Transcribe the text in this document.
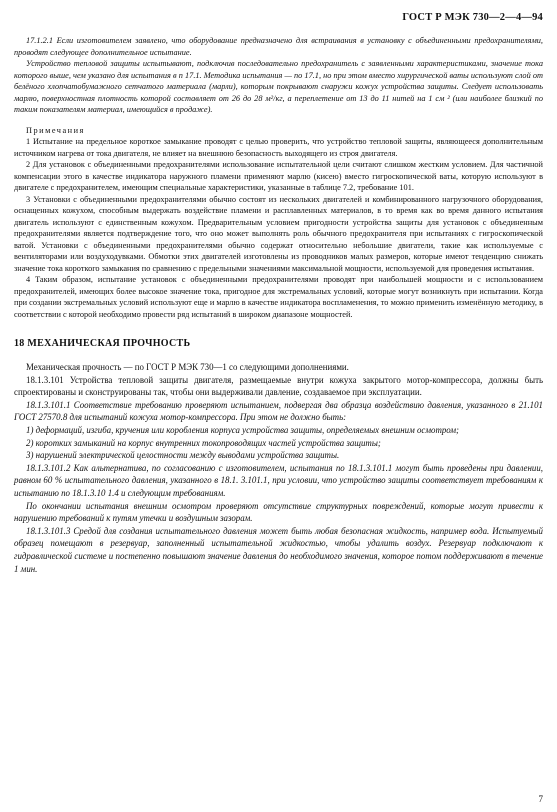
ГОСТ Р МЭК 730—2—4—94

17.1.2.1 Если изготовителем заявлено, что оборудование предназначено для встраивания в установку с объединенными предохранителями, проводят следующее дополнительное испытание.

Устройство тепловой защиты испытывают, подключив последовательно предохранитель с заявленными характеристиками, значение тока которого выше, чем указано для испытания в п 17.1. Методика испытания — по 17.1, но при этом вместо хирургической ваты используют слой от белёного хлопчатобумажного сетчатого материала (марли), которым покрывают снаружи кожух устройства защиты. Следует использовать марлю, поверхностная плотность которой составляет от 26 до 28 м²/кг, а переплетение от 13 до 11 нитей на 1 см ² (или наиболее близкий по таким показателям материал, имеющийся в продаже).

Примечания

1 Испытание на предельное короткое замыкание проводят с целью проверить, что устройство тепловой защиты, являющееся дополнительным источником нагрева от тока двигателя, не влияет на внешнюю безопасность выходящего из строя двигателя.

2 Для установок с объединенными предохранителями использование испытательной цели считают слишком жестким условием. Для частичной компенсации этого в качестве индикатора наружного пламени применяют марлю (кисею) вместо гигроскопической ваты, которую используют в двигателе с предохранителем, имеющим специальные характеристики, указанные в таблице 7.2, требование 101.

3 Установки с объединенными предохранителями обычно состоят из нескольких двигателей и комбинированного нагрузочного оборудования, оснащенных кожухом, способным выдержать воздействие пламени и расплавленных материалов, в то время как во время данного испытания двигатель используют с единственным кожухом. Предварительным условием пригодности устройства защиты для установок с объединенным предохранителями является подтверждение того, что оно может выполнять роль обычного предохранителя при испытаниях с гигроскопической ватой. Установки с объединенными предохранителями обычно содержат относительно небольшие двигатели, такие как используемые с вентиляторами или воздуходувками. Обмотки этих двигателей изготовлены из проводников малых размеров, которые имеют тенденцию снижать значение тока короткого замыкания по сравнению с предельными значениями максимальной мощности, используемой для проведения испытания.

4 Таким образом, испытание установок с объединенными предохранителями проводят при наибольшей мощности и с использованием предохранителей, имеющих более высокое значение тока, пригодное для экстремальных условий, которые могут возникнуть при испытании. Когда при создании экстремальных условий используют еще и марлю в качестве индикатора воспламенения, то можно применить изменённую методику, в соответствии с которой необходимо провести ряд испытаний в широком диапазоне мощностей.

18 МЕХАНИЧЕСКАЯ ПРОЧНОСТЬ

Механическая прочность — по ГОСТ Р МЭК 730—1 со следующими дополнениями.

18.1.3.101 Устройства тепловой защиты двигателя, размещаемые внутри кожуха закрытого мотор-компрессора, должны быть спроектированы и сконструированы так, чтобы они выдерживали давление, создаваемое при эксплуатации.

18.1.3.101.1 Соответствие требованию проверяют испытанием, подвергая два образца воздействию давления, указанного в 21.101 ГОСТ 27570.8 для испытаний кожуха мотор-компрессора. При этом не должно быть:

1) деформаций, изгиба, кручения или коробления корпуса устройства защиты, определяемых внешним осмотром;

2) коротких замыканий на корпус внутренних токопроводящих частей устройства защиты;

3) нарушений электрической целостности между выводами устройства защиты.

18.1.3.101.2 Как альтернатива, по согласованию с изготовителем, испытания по 18.1.3.101.1 могут быть проведены при давлении, равном 60 % испытательного давления, указанного в 18.1. 3.101.1, при условии, что устройство защиты соответствует требованиям к испытанию по 18.1.3.10 1.4 и следующим требованиям.

По окончании испытания внешним осмотром проверяют отсутствие структурных повреждений, которые могут привести к нарушению требований к путям утечки и воздушным зазорам.

18.1.3.101.3 Средой для создания испытательного давления может быть любая безопасная жидкость, например вода. Испытуемый образец помещают в резервуар, заполненный испытательной жидкостью, чтобы удалить воздух. Резервуар подключают к гидравлической системе и постепенно повышают значение давления до необходимого значения, которое потом поддерживают в течение 1 мин.

7
